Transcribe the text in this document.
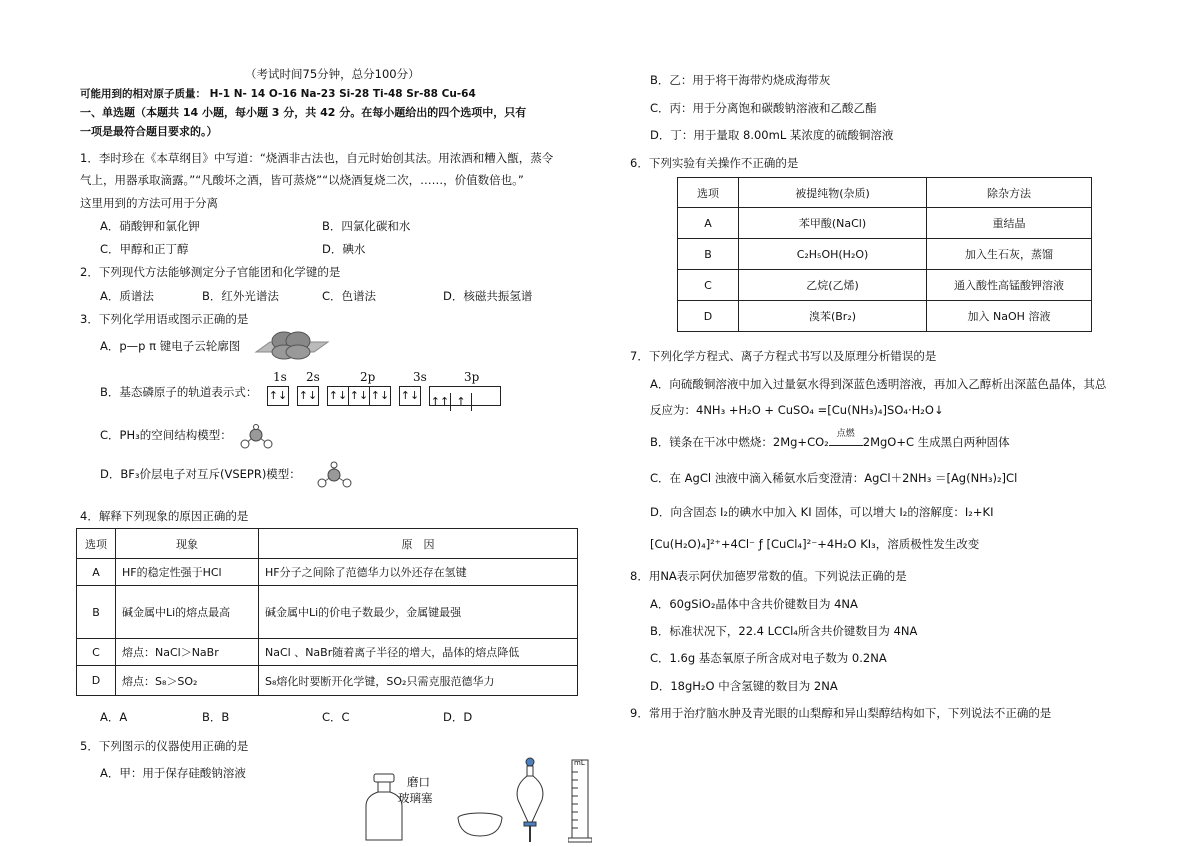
（考试时间75分钟，总分100分）
可能用到的相对原子质量： H-1 N- 14 O-16 Na-23 Si-28 Ti-48 Sr-88 Cu-64
一、单选题（本题共 14 小题，每小题 3 分，共 42 分。在每小题给出的四个选项中，只有
一项是最符合题目要求的。）
1．李时珍在《本草纲目》中写道：“烧酒非古法也，自元时始创其法。用浓酒和糟入甑，蒸令
气上，用器承取滴露。”“凡酸坏之酒，皆可蒸烧”“以烧酒复烧二次，……，价值数倍也。”
这里用到的方法可用于分离
A．硝酸钾和氯化钾	B．四氯化碳和水
C．甲醇和正丁醇	D．碘水
2．下列现代方法能够测定分子官能团和化学键的是
A．质谱法	B．红外光谱法	C．色谱法	D．核磁共振氢谱
3．下列化学用语或图示正确的是
A．p—p π 键电子云轮廓图
B．基态磷原子的轨道表示式：
1s 2s	2p	3s	3p
↑↓ ↑↓ ↑↓ ↑↓ ↑↓ ↑↓ ↑↑ ↑
C．PH₃的空间结构模型：
D．BF₃价层电子对互斥(VSEPR)模型：
4．解释下列现象的原因正确的是
选项	现象	原　因
A	HF的稳定性强于HCl	HF分子之间除了范德华力以外还存在氢键
B	碱金属中Li的熔点最高	碱金属中Li的价电子数最少，金属键最强
C	熔点：NaCl＞NaBr	NaCl 、NaBr随着离子半径的增大，晶体的熔点降低
D	熔点：S₈＞SO₂	S₈熔化时要断开化学键，SO₂只需克服范德华力
A．A	B．B	C．C	D．D
5．下列图示的仪器使用正确的是
A．甲：用于保存硅酸钠溶液
磨口
玻璃塞
mL
B．乙：用于将干海带灼烧成海带灰
C．丙：用于分离饱和碳酸钠溶液和乙酸乙酯
D．丁：用于量取 8.00mL 某浓度的硫酸铜溶液
6．下列实验有关操作不正确的是
选项	被提纯物(杂质)	除杂方法
A	苯甲酸(NaCl)	重结晶
B	C₂H₅OH(H₂O)	加入生石灰，蒸馏
C	乙烷(乙烯)	通入酸性高锰酸钾溶液
D	溴苯(Br₂)	加入 NaOH 溶液
7．下列化学方程式、离子方程式书写以及原理分析错误的是
A．向硫酸铜溶液中加入过量氨水得到深蓝色透明溶液，再加入乙醇析出深蓝色晶体，其总
反应为：4NH₃ +H₂O + CuSO₄ =[Cu(NH₃)₄]SO₄·H₂O↓
B．镁条在干冰中燃烧：2Mg+CO₂
点燃
2MgO+C 生成黑白两种固体
C．在 AgCl 浊液中滴入稀氨水后变澄清：AgCl＋2NH₃ ＝[Ag(NH₃)₂]Cl
D．向含固态 I₂的碘水中加入 KI 固体，可以增大 I₂的溶解度：I₂+KI
[Cu(H₂O)₄]²⁺+4Cl⁻ ƒ [CuCl₄]²⁻+4H₂O KI₃，溶质极性发生改变
8．用NA表示阿伏加德罗常数的值。下列说法正确的是
A．60gSiO₂晶体中含共价键数目为 4NA
B．标准状况下，22.4 LCCl₄所含共价键数目为 4NA
C．1.6g 基态氧原子所含成对电子数为 0.2NA
D．18gH₂O 中含氢键的数目为 2NA
9．常用于治疗脑水肿及青光眼的山梨醇和异山梨醇结构如下，下列说法不正确的是
